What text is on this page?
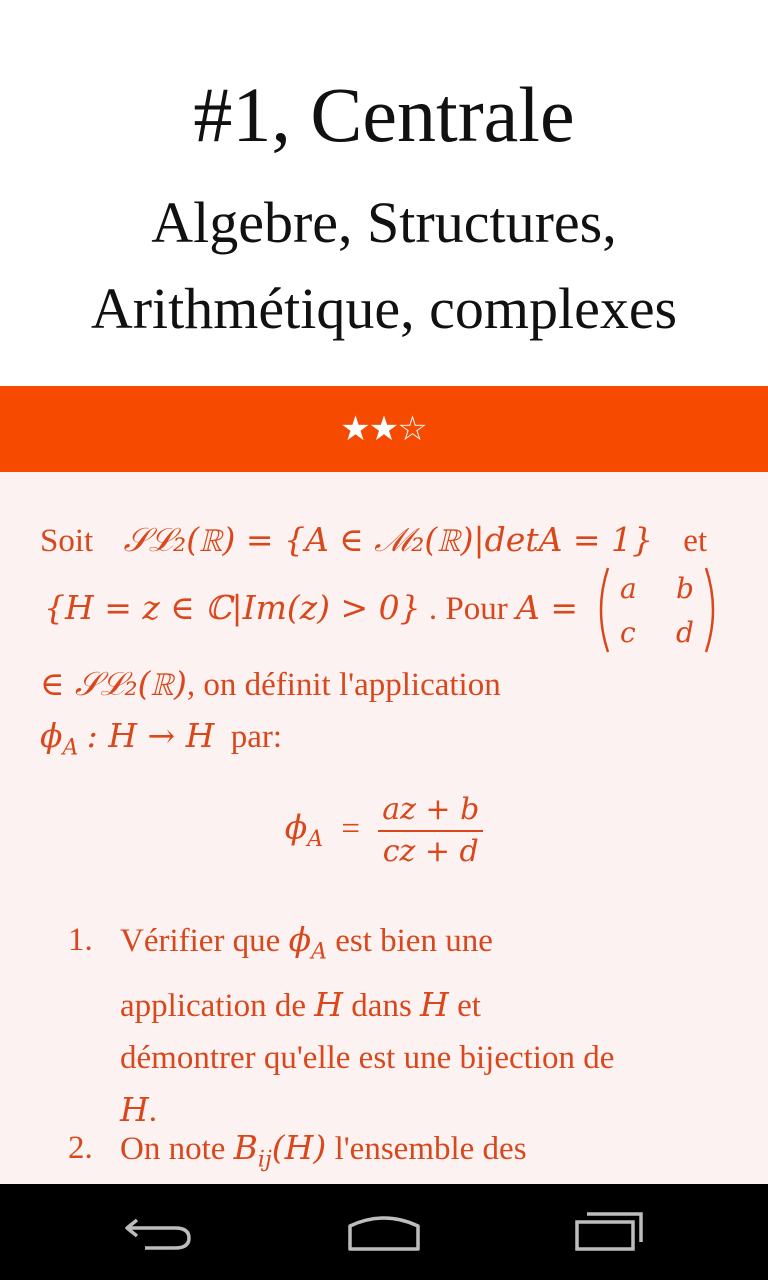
#1, Centrale
Algebre, Structures,
Arithmétique, complexes
★
★
☆
Soit 𝒮ℒ₂(ℝ) = {A ∈ ℳ₂(ℝ)|detA = 1} et
{H = z ∈ ℂ|Im(z) > 0} . Pour A = a b
c d
∈ 𝒮ℒ₂(ℝ), on définit l'application
$\phi_A$ : H → H par:
$\phi_A = \frac{az + b}{cz + d}$
1. Vérifier que $\phi_A$ est bien une
application de H dans H et
démontrer qu'elle est une bijection de
H.
2. On note $B_{ij}(H)$ l'ensemble des
